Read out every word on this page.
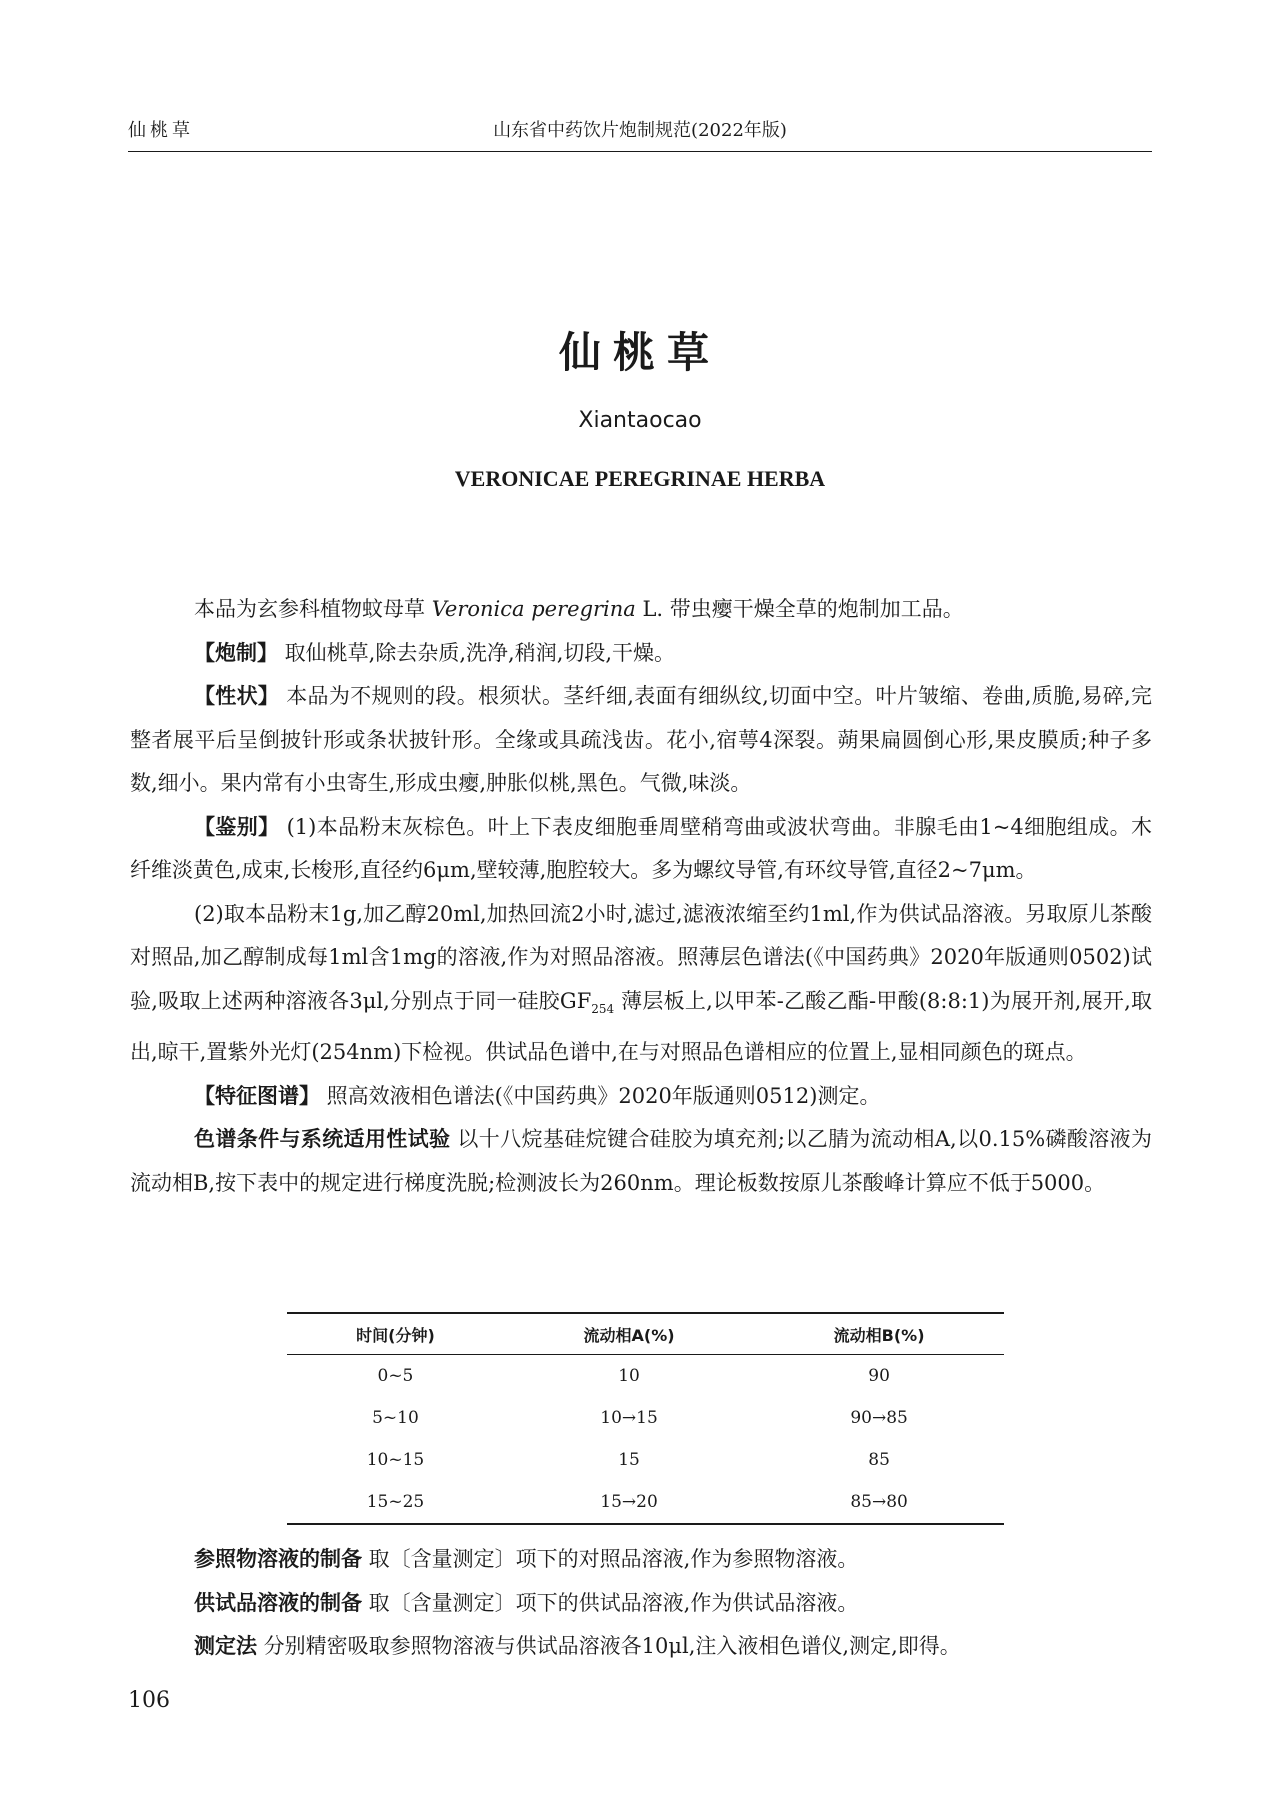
仙桃草	山东省中药饮片炮制规范(2022年版)
仙桃草
Xiantaocao
VERONICAE PEREGRINAE HERBA

本品为玄参科植物蚊母草 Veronica peregrina L. 带虫瘿干燥全草的炮制加工品。

【炮制】 取仙桃草,除去杂质,洗净,稍润,切段,干燥。

【性状】 本品为不规则的段。根须状。茎纤细,表面有细纵纹,切面中空。叶片皱缩、卷曲,质脆,易碎,完整者展平后呈倒披针形或条状披针形。全缘或具疏浅齿。花小,宿萼4深裂。蒴果扁圆倒心形,果皮膜质;种子多数,细小。果内常有小虫寄生,形成虫瘿,肿胀似桃,黑色。气微,味淡。

【鉴别】 (1)本品粉末灰棕色。叶上下表皮细胞垂周壁稍弯曲或波状弯曲。非腺毛由1~4细胞组成。木纤维淡黄色,成束,长梭形,直径约6μm,壁较薄,胞腔较大。多为螺纹导管,有环纹导管,直径2~7μm。

(2)取本品粉末1g,加乙醇20ml,加热回流2小时,滤过,滤液浓缩至约1ml,作为供试品溶液。另取原儿茶酸对照品,加乙醇制成每1ml含1mg的溶液,作为对照品溶液。照薄层色谱法(《中国药典》2020年版通则0502)试验,吸取上述两种溶液各3μl,分别点于同一硅胶$GF_{254}$ 薄层板上,以甲苯-乙酸乙酯-甲酸(8:8:1)为展开剂,展开,取出,晾干,置紫外光灯(254nm)下检视。供试品色谱中,在与对照品色谱相应的位置上,显相同颜色的斑点。

【特征图谱】 照高效液相色谱法(《中国药典》2020年版通则0512)测定。

色谱条件与系统适用性试验 以十八烷基硅烷键合硅胶为填充剂;以乙腈为流动相A,以0.15%磷酸溶液为流动相B,按下表中的规定进行梯度洗脱;检测波长为260nm。理论板数按原儿茶酸峰计算应不低于5000。

时间(分钟)	流动相A(%)	流动相B(%)
0~5	10	90
5~10	10→15	90→85
10~15	15	85
15~25	15→20	85→80

参照物溶液的制备 取〔含量测定〕项下的对照品溶液,作为参照物溶液。

供试品溶液的制备 取〔含量测定〕项下的供试品溶液,作为供试品溶液。

测定法 分别精密吸取参照物溶液与供试品溶液各10μl,注入液相色谱仪,测定,即得。

106
